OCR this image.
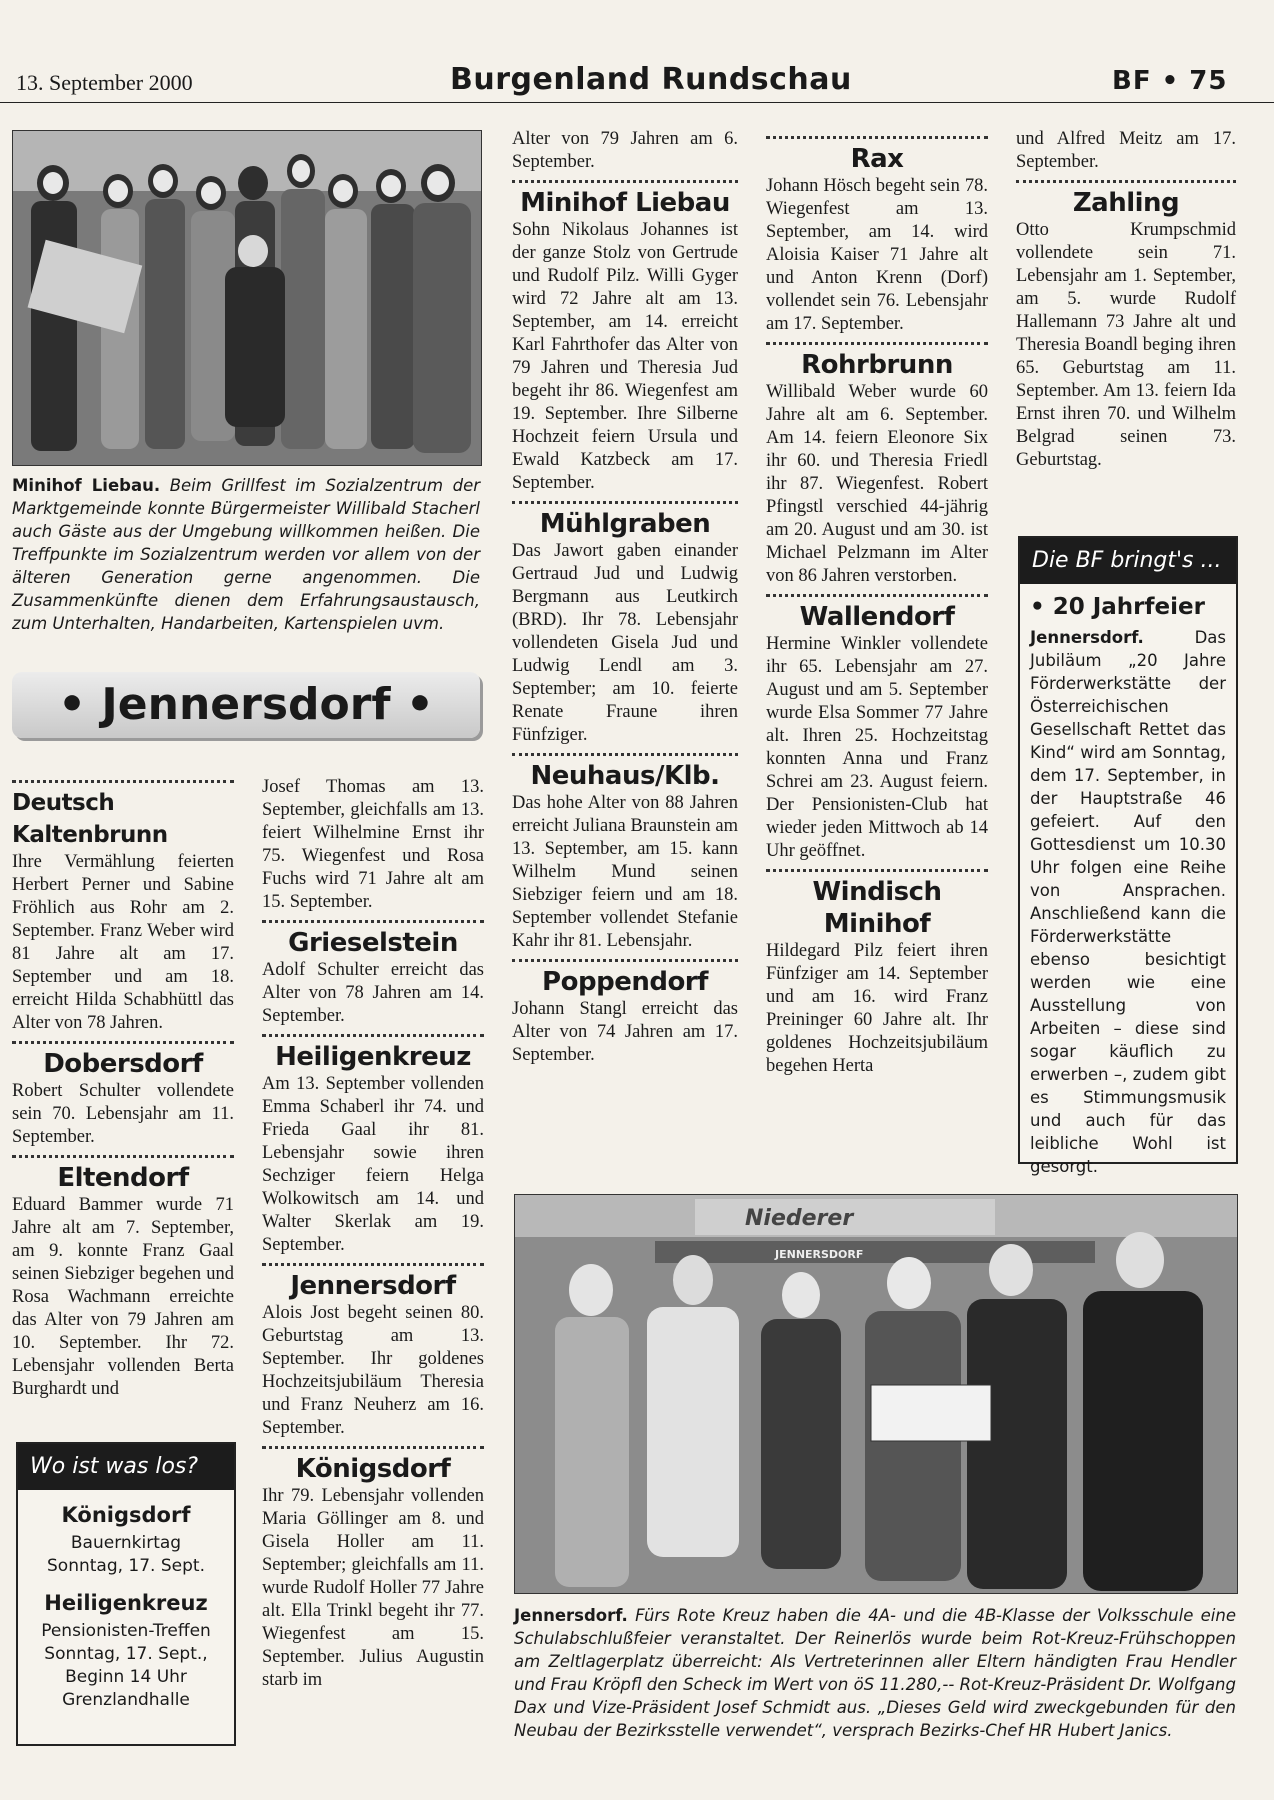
13. September 2000	Burgenland Rundschau	BF • 75
Minihof Liebau. Beim Grillfest im Sozialzentrum der Marktgemeinde konnte Bürgermeister Willibald Stacherl auch Gäste aus der Umgebung willkommen heißen. Die Treffpunkte im Sozialzentrum werden vor allem von der älteren Generation gerne angenommen. Die Zusammenkünfte dienen dem Erfahrungsaustausch, zum Unterhalten, Handarbeiten, Kartenspielen uvm.
• Jennersdorf •
Deutsch Kaltenbrunn

Ihre Vermählung feierten Herbert Perner und Sabine Fröhlich aus Rohr am 2. September. Franz Weber wird 81 Jahre alt am 17. September und am 18. erreicht Hilda Schabhüttl das Alter von 78 Jahren.

Dobersdorf

Robert Schulter vollendete sein 70. Lebensjahr am 11. September.

Eltendorf

Eduard Bammer wurde 71 Jahre alt am 7. September, am 9. konnte Franz Gaal seinen Siebziger begehen und Rosa Wachmann erreichte das Alter von 79 Jahren am 10. September. Ihr 72. Lebensjahr vollenden Berta Burghardt und

Wo ist was los?
Königsdorf
Bauernkirtag
Sonntag, 17. Sept.
Heiligenkreuz
Pensionisten-Treffen
Sonntag, 17. Sept.,
Beginn 14 Uhr
Grenzlandhalle

Josef Thomas am 13. September, gleichfalls am 13. feiert Wilhelmine Ernst ihr 75. Wiegenfest und Rosa Fuchs wird 71 Jahre alt am 15. September.

Grieselstein

Adolf Schulter erreicht das Alter von 78 Jahren am 14. September.

Heiligenkreuz

Am 13. September vollenden Emma Schaberl ihr 74. und Frieda Gaal ihr 81. Lebensjahr sowie ihren Sechziger feiern Helga Wolkowitsch am 14. und Walter Skerlak am 19. September.

Jennersdorf

Alois Jost begeht seinen 80. Geburtstag am 13. September. Ihr goldenes Hochzeitsjubiläum Theresia und Franz Neuherz am 16. September.

Königsdorf

Ihr 79. Lebensjahr vollenden Maria Göllinger am 8. und Gisela Holler am 11. September; gleichfalls am 11. wurde Rudolf Holler 77 Jahre alt. Ella Trinkl begeht ihr 77. Wiegenfest am 15. September. Julius Augustin starb im

Alter von 79 Jahren am 6. September.

Minihof Liebau

Sohn Nikolaus Johannes ist der ganze Stolz von Gertrude und Rudolf Pilz. Willi Gyger wird 72 Jahre alt am 13. September, am 14. erreicht Karl Fahrthofer das Alter von 79 Jahren und Theresia Jud begeht ihr 86. Wiegenfest am 19. September. Ihre Silberne Hochzeit feiern Ursula und Ewald Katzbeck am 17. September.

Mühlgraben

Das Jawort gaben einander Gertraud Jud und Ludwig Bergmann aus Leutkirch (BRD). Ihr 78. Lebensjahr vollendeten Gisela Jud und Ludwig Lendl am 3. September; am 10. feierte Renate Fraune ihren Fünfziger.

Neuhaus/Klb.

Das hohe Alter von 88 Jahren erreicht Juliana Braunstein am 13. September, am 15. kann Wilhelm Mund seinen Siebziger feiern und am 18. September vollendet Stefanie Kahr ihr 81. Lebensjahr.

Poppendorf

Johann Stangl erreicht das Alter von 74 Jahren am 17. September.

Rax

Johann Hösch begeht sein 78. Wiegenfest am 13. September, am 14. wird Aloisia Kaiser 71 Jahre alt und Anton Krenn (Dorf) vollendet sein 76. Lebensjahr am 17. September.

Rohrbrunn

Willibald Weber wurde 60 Jahre alt am 6. September. Am 14. feiern Eleonore Six ihr 60. und Theresia Friedl ihr 87. Wiegenfest. Robert Pfingstl verschied 44-jährig am 20. August und am 30. ist Michael Pelzmann im Alter von 86 Jahren verstorben.

Wallendorf

Hermine Winkler vollendete ihr 65. Lebensjahr am 27. August und am 5. September wurde Elsa Sommer 77 Jahre alt. Ihren 25. Hochzeitstag konnten Anna und Franz Schrei am 23. August feiern. Der Pensionisten-Club hat wieder jeden Mittwoch ab 14 Uhr geöffnet.

Windisch Minihof

Hildegard Pilz feiert ihren Fünfziger am 14. September und am 16. wird Franz Preininger 60 Jahre alt. Ihr goldenes Hochzeitsjubiläum begehen Herta

und Alfred Meitz am 17. September.

Zahling

Otto Krumpschmid vollendete sein 71. Lebensjahr am 1. September, am 5. wurde Rudolf Hallemann 73 Jahre alt und Theresia Boandl beging ihren 65. Geburtstag am 11. September. Am 13. feiern Ida Ernst ihren 70. und Wilhelm Belgrad seinen 73. Geburtstag.

Die BF bringt's ...
• 20 Jahrfeier
Jennersdorf.	Das Jubiläum „20 Jahre Förderwerkstätte der Österreichischen Gesellschaft Rettet das Kind“ wird am Sonntag, dem 17. September, in der Hauptstraße 46 gefeiert. Auf den Gottesdienst um 10.30 Uhr folgen eine Reihe von Ansprachen. Anschließend kann die Förderwerkstätte ebenso besichtigt werden wie eine Ausstellung von Arbeiten – diese sind sogar käuflich zu erwerben –, zudem gibt es Stimmungsmusik und auch für das leibliche Wohl ist gesorgt.
Niederer
JENNERSDORF
Jennersdorf. Fürs Rote Kreuz haben die 4A- und die 4B-Klasse der Volksschule eine Schulabschlußfeier veranstaltet. Der Reinerlös wurde beim Rot-Kreuz-Frühschoppen am Zeltlagerplatz überreicht: Als Vertreterinnen aller Eltern händigten Frau Hendler und Frau Kröpfl den Scheck im Wert von öS 11.280,-- Rot-Kreuz-Präsident Dr. Wolfgang Dax und Vize-Präsident Josef Schmidt aus. „Dieses Geld wird zweckgebunden für den Neubau der Bezirksstelle verwendet“, versprach Bezirks-Chef HR Hubert Janics.
